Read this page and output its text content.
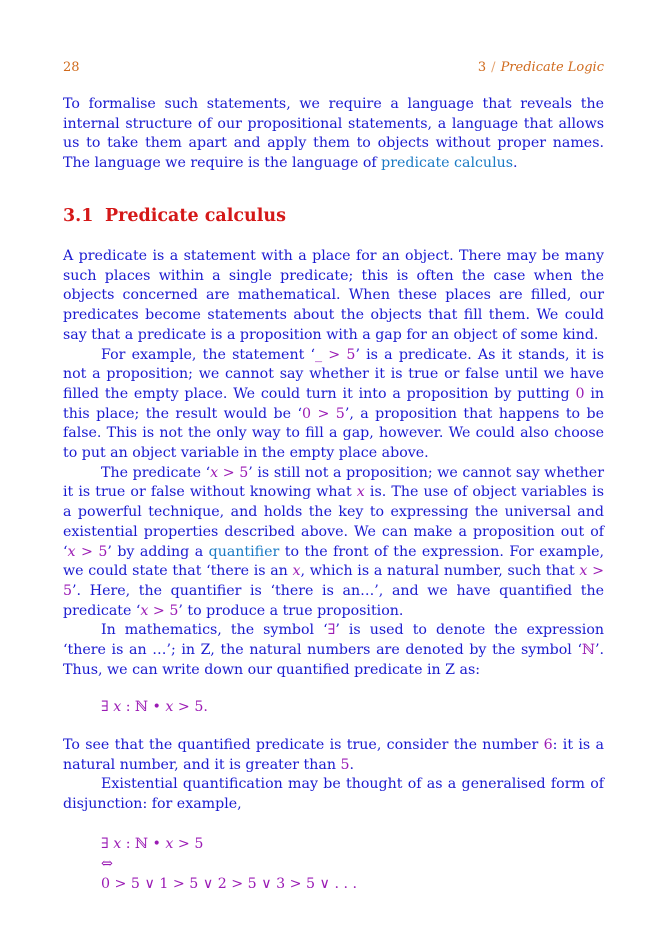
28	3 / Predicate Logic

To formalise such statements, we require a language that reveals the internal structure of our propositional statements, a language that allows us to take them apart and apply them to objects without proper names. The language we require is the language of predicate calculus.

3.1 Predicate calculus

A predicate is a statement with a place for an object. There may be many such places within a single predicate; this is often the case when the objects concerned are mathematical. When these places are filled, our predicates become statements about the objects that fill them. We could say that a predicate is a proposition with a gap for an object of some kind.

For example, the statement ‘_ > 5’ is a predicate. As it stands, it is not a proposition; we cannot say whether it is true or false until we have filled the empty place. We could turn it into a proposition by putting 0 in this place; the result would be ‘0 > 5’, a proposition that happens to be false. This is not the only way to fill a gap, however. We could also choose to put an object variable in the empty place above.

The predicate ‘x > 5’ is still not a proposition; we cannot say whether it is true or false without knowing what x is. The use of object variables is a powerful technique, and holds the key to expressing the universal and existential properties described above. We can make a proposition out of ‘x > 5’ by adding a quantifier to the front of the expression. For example, we could state that ‘there is an x, which is a natural number, such that x > 5’. Here, the quantifier is ‘there is an…’, and we have quantified the predicate ‘x > 5’ to produce a true proposition.

In mathematics, the symbol ‘∃’ is used to denote the expression ‘there is an …’; in Z, the natural numbers are denoted by the symbol ‘ℕ’. Thus, we can write down our quantified predicate in Z as:

∃ x : ℕ • x > 5.

To see that the quantified predicate is true, consider the number 6: it is a natural number, and it is greater than 5.

Existential quantification may be thought of as a generalised form of disjunction: for example,

∃ x : ℕ • x > 5
⇔
0 > 5 ∨ 1 > 5 ∨ 2 > 5 ∨ 3 > 5 ∨ . . .
